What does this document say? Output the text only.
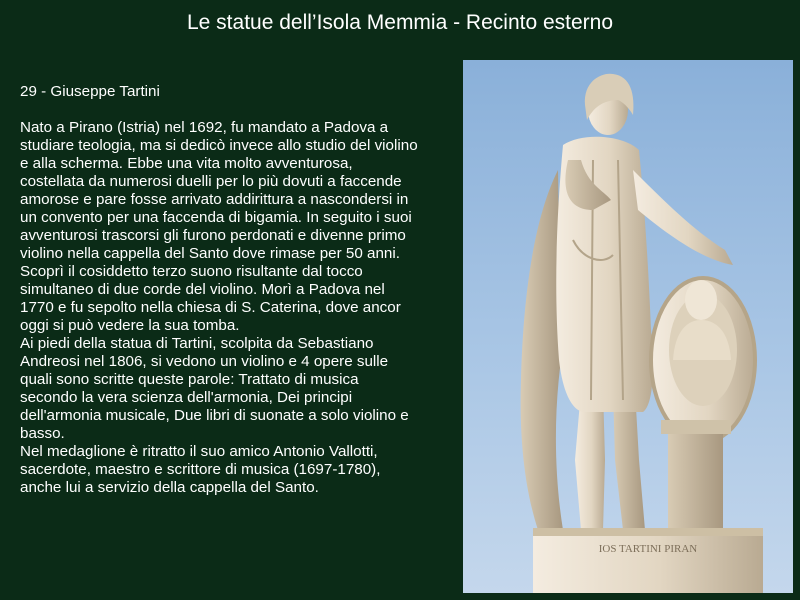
Le statue dell’Isola Memmia - Recinto esterno

29 - Giuseppe Tartini

Nato a Pirano (Istria) nel 1692, fu mandato a Padova a studiare teologia, ma si dedicò invece allo studio del violino e alla scherma. Ebbe una vita molto avventurosa, costellata da numerosi duelli per lo più dovuti a faccende amorose e pare fosse arrivato addirittura a nascondersi in un convento per una faccenda di bigamia. In seguito i suoi avventurosi trascorsi gli furono perdonati e divenne primo violino nella cappella del Santo dove rimase per 50 anni. Scoprì il cosiddetto terzo suono risultante dal tocco simultaneo di due corde del violino. Morì a Padova nel 1770 e fu sepolto nella chiesa di S. Caterina, dove ancor oggi si può vedere la sua tomba.

Ai piedi della statua di Tartini, scolpita da Sebastiano Andreosi nel 1806, si vedono un violino e 4 opere sulle quali sono scritte queste parole: Trattato di musica secondo la vera scienza dell'armonia, Dei principi dell'armonia musicale, Due libri di suonate a solo violino e basso.

Nel medaglione è ritratto il suo amico Antonio Vallotti, sacerdote, maestro e scrittore di musica (1697-1780), anche lui a servizio della cappella del Santo.

IOS TARTINI PIRAN
